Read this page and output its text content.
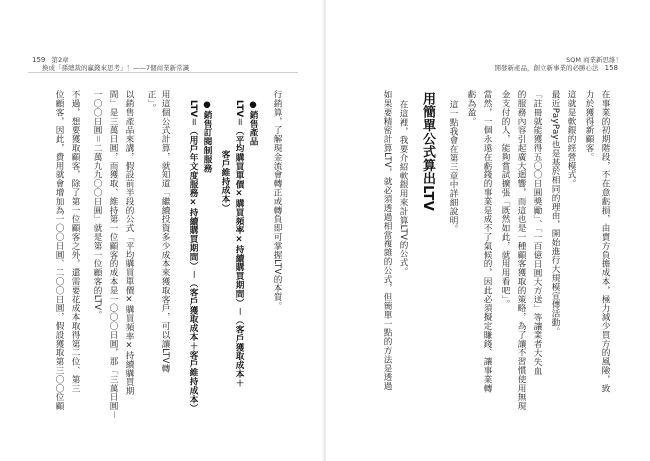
159 第2章
換成「孫總裁的贏錢來思考」！——7個商業新常識
行銷算，了解現金流會轉正或轉負即可掌握LTV的本質。
●銷售產品
LTV＝（平均購買單價×購買頻率×持續購買期間）－（客戶獲取成本＋
客戶維持成本）
●銷售訂閱制服務
LTV＝（用戶年文度服務×持續購買期間）－（客戶獲取成本＋客戶維持成本）
用這個公式計算，就知道「繼續投資多少成本來獲取客戶，可以讓LTV轉
正」。
以銷售產品來講，假設前半段的公式「平均購買單價×購買頻率×持續購買期
間」是三萬日圓，而獲取、維持第一位顧客的成本是一〇〇〇日圓，那「三萬日圓－
一〇〇日圓＝二萬九九〇〇日圓」就是第一位顧客的LTV。
不過，想要獲取顧客，除了第一位顧客之外，還需要花成本取得第二位、第三
位顧客，因此，費用就會增加為一〇〇日圓、二〇〇日圓，假設獲取第三〇〇位顧
SQM 商業新思維！
開發新產品，創立新事業的必勝心法 158
在事業的初期階段，不在意虧損，由賣方負擔成本，極力減少買方的風險，致
力於獲得新顧客。
這就是軟銀的經營模式。
最近PayPay也是基於相同的理由，開始進行大規模宣傳活動。
「註冊就能獲得五〇〇日圓獎勵」、「一百億日圓大方送」等讓業者大失血
的服務內容引起廣大迴響，而這也是一種顧客獲取的策略，為了讓不習慣使用無現
金支付的人，能夠嘗試擴張「既然如此，就用用看吧」。
當然，一個永遠在虧錢的事業是成不了氣候的，因此必須擬定賺錢、讓事業轉
虧為盈。
這一點我會在第三章中詳細說明。
用簡單公式算出LTV
在這裡，我要介紹軟銀用來計算LTV的公式。
如果要精密計算LTV，就必須透過相當複雜的公式，但簡單一點的方法是透過
